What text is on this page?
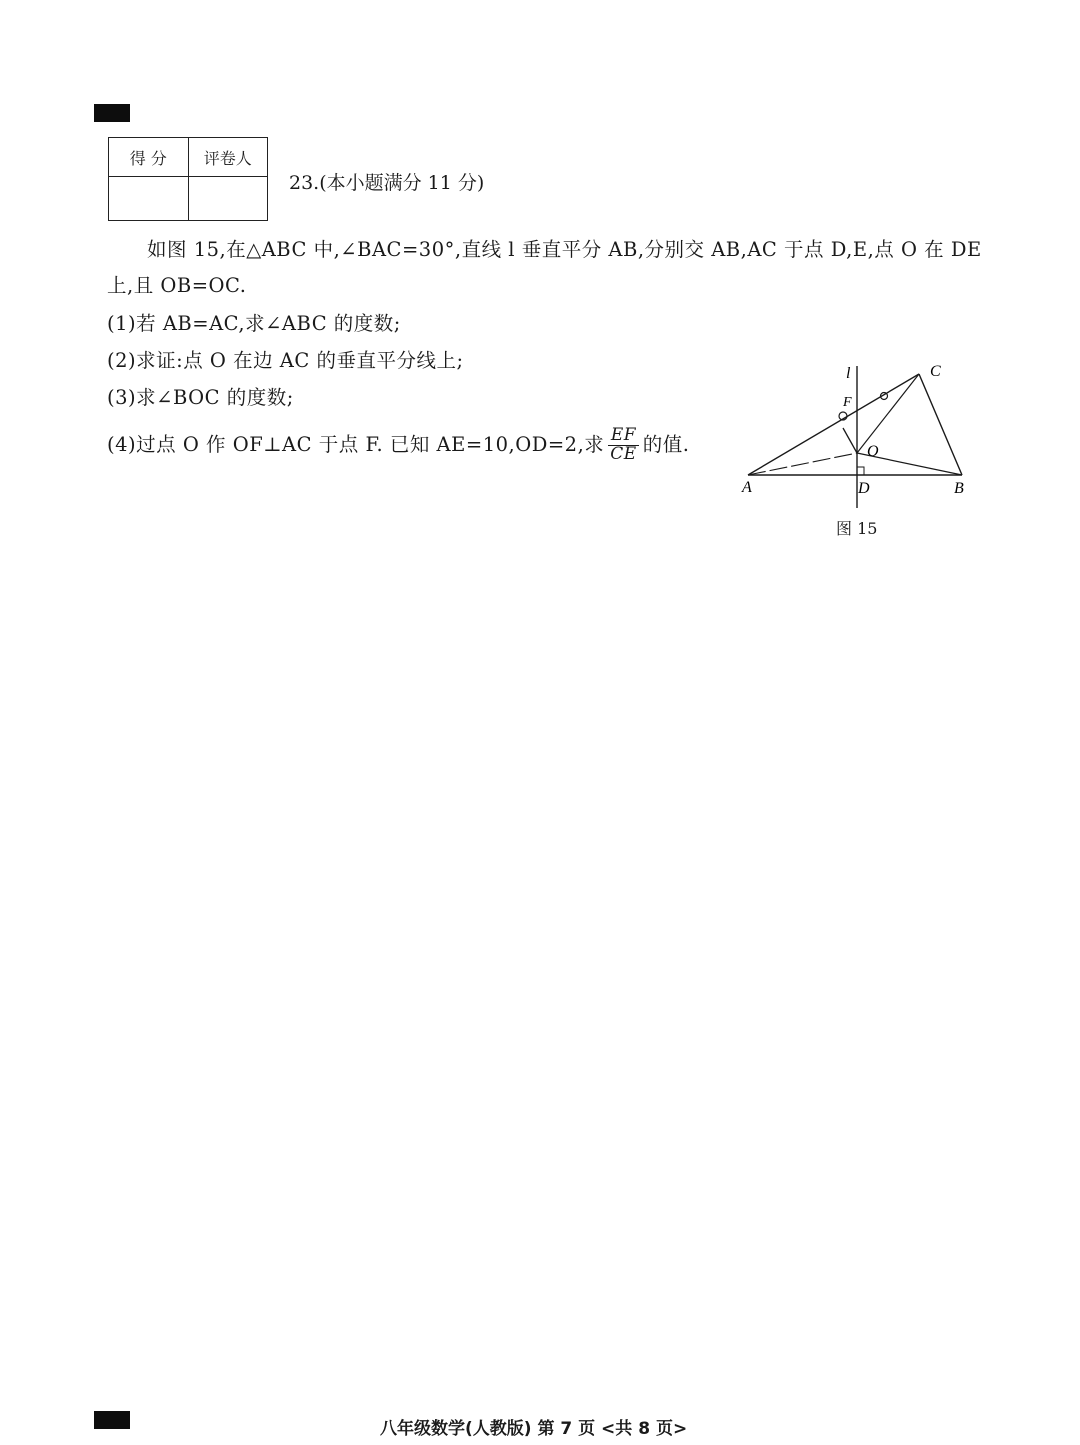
得 分	评卷人

23.(本小题满分 11 分)
如图 15,在△ABC 中,∠BAC=30°,直线 l 垂直平分 AB,分别交 AB,AC 于点 D,E,点 O 在 DE
上,且 OB=OC.
(1)若 AB=AC,求∠ABC 的度数;
(2)求证:点 O 在边 AC 的垂直平分线上;
(3)求∠BOC 的度数;
(4)过点 O 作 OF⊥AC 于点 F. 已知 AE=10,OD=2,求 $\frac{EF}{CE}$ 的值.
l	C
F
O
A	D	B
图 15
八年级数学(人教版) 第 7 页 <共 8 页>
